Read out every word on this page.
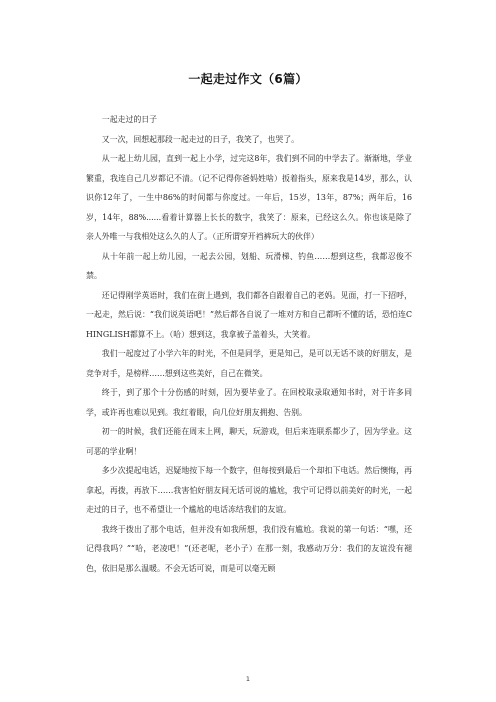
一起走过作文（6篇）

一起走过的日子

又一次，回想起那段一起走过的日子，我笑了，也哭了。

从一起上幼儿园，直到一起上小学，过完这8年，我们到不同的中学去了。渐渐地，学业繁重，我连自己几岁都记不清。（记不记得你爸妈姓啥）扳着指头，原来我是14岁，那么，认识你12年了，一生中86%的时间都与你度过。一年后，15岁，13年，87%；两年后，16岁，14年，88%......看着计算器上长长的数字，我笑了：原来，已经这么久。你也该是除了亲人外唯一与我相处这么久的人了。（正所谓穿开裆裤玩大的伙伴）

从十年前一起上幼儿园，一起去公园，划船、玩滑梯、钓鱼……想到这些，我都忍俊不禁。

还记得刚学英语时，我们在街上遇到，我们都各自跟着自己的老妈。见面，打一下招呼，一起走，然后说：“我们说英语吧！”然后都各自说了一堆对方和自己都听不懂的话，恐怕连CHINGLISH都算不上。（哈）想到这，我拿被子盖着头，大笑着。

我们一起度过了小学六年的时光，不但是同学，更是知己，是可以无话不谈的好朋友，是竞争对手，是榜样……想到这些美好，自己在微笑。

终于，到了那个十分伤感的时刻，因为要毕业了。在回校取录取通知书时，对于许多同学，或许再也难以见到。我红着眼，向几位好朋友拥抱、告别。

初一的时候，我们还能在周末上网，聊天，玩游戏，但后来连联系都少了，因为学业。这可恶的学业啊！

多少次提起电话，迟疑地按下每一个数字，但每按到最后一个却扣下电话。然后懊悔，再拿起，再拨，再放下……我害怕好朋友间无话可说的尴尬，我宁可记得以前美好的时光，一起走过的日子，也不希望让一个尴尬的电话冻结我们的友谊。

我终于拨出了那个电话，但并没有如我所想，我们没有尴尬。我说的第一句话：“嘿，还记得我吗？”“哈，老凌吧！”(还老呢，老小子）在那一刻，我感动万分：我们的友谊没有褪色，依旧是那么温暖。不会无话可说，而是可以毫无顾

1
